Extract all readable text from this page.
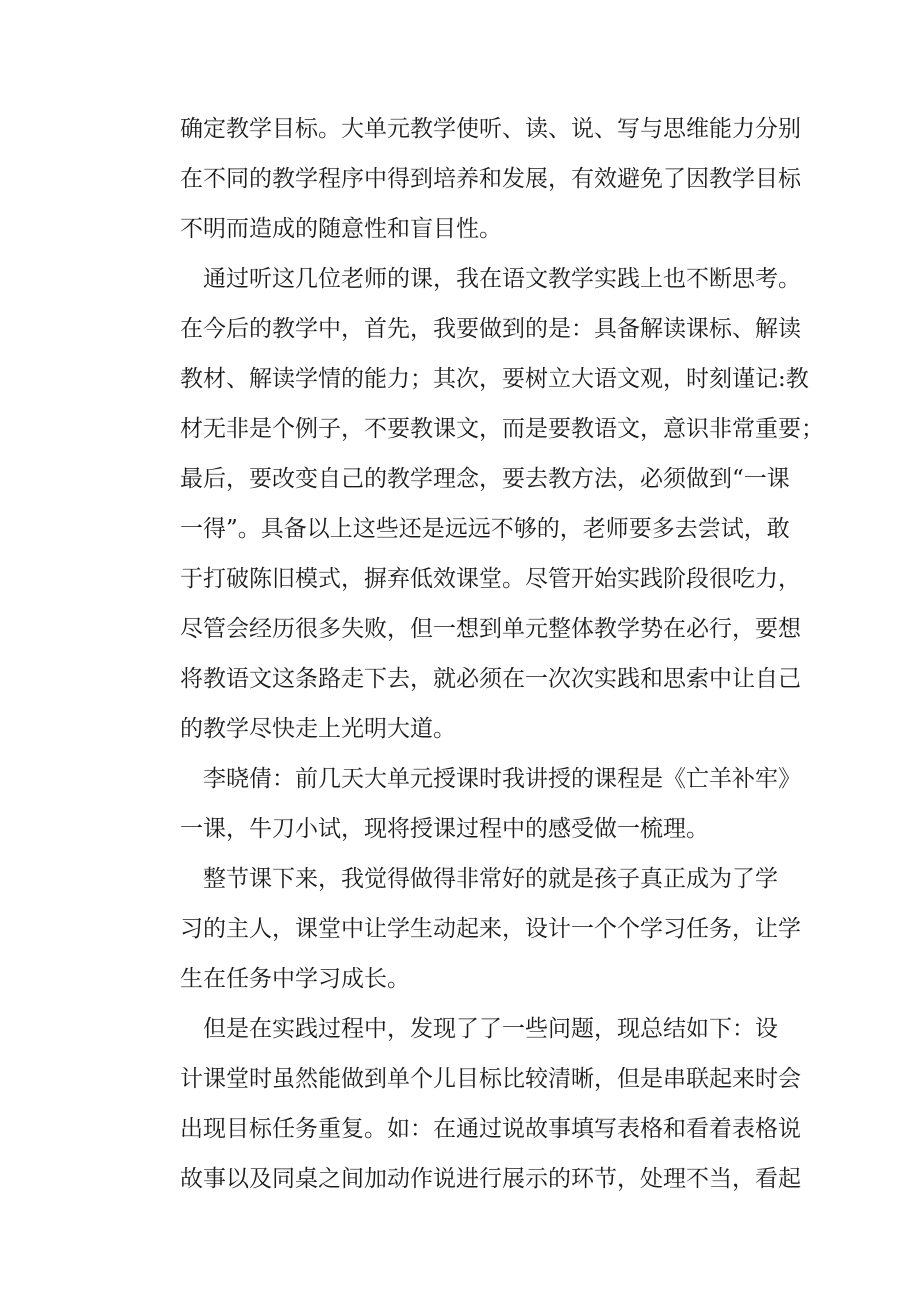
确定教学目标。大单元教学使听、读、说、写与思维能力分别
在不同的教学程序中得到培养和发展，有效避免了因教学目标
不明而造成的随意性和盲目性。
通过听这几位老师的课，我在语文教学实践上也不断思考。
在今后的教学中，首先，我要做到的是：具备解读课标、解读
教材、解读学情的能力；其次，要树立大语文观，时刻谨记:教
材无非是个例子，不要教课文，而是要教语文，意识非常重要；
最后，要改变自己的教学理念，要去教方法，必须做到“一课
一得”。具备以上这些还是远远不够的，老师要多去尝试，敢
于打破陈旧模式，摒弃低效课堂。尽管开始实践阶段很吃力，
尽管会经历很多失败，但一想到单元整体教学势在必行，要想
将教语文这条路走下去，就必须在一次次实践和思索中让自己
的教学尽快走上光明大道。
李晓倩：前几天大单元授课时我讲授的课程是《亡羊补牢》
一课，牛刀小试，现将授课过程中的感受做一梳理。
整节课下来，我觉得做得非常好的就是孩子真正成为了学
习的主人，课堂中让学生动起来，设计一个个学习任务，让学
生在任务中学习成长。
但是在实践过程中，发现了了一些问题，现总结如下：设
计课堂时虽然能做到单个儿目标比较清晰，但是串联起来时会
出现目标任务重复。如：在通过说故事填写表格和看着表格说
故事以及同桌之间加动作说进行展示的环节，处理不当，看起
